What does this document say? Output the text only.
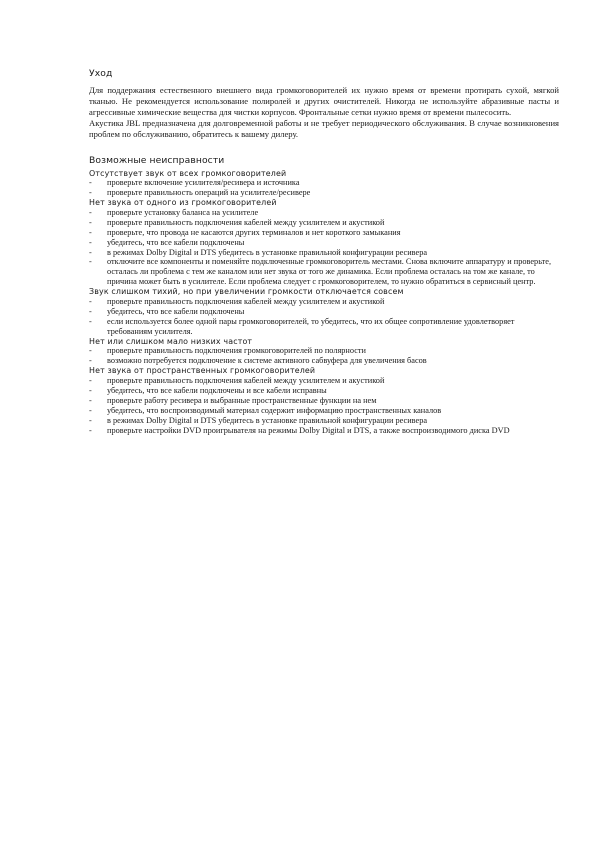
Уход

Для поддержания естественного внешнего вида громкоговорителей их нужно время от времени протирать сухой, мягкой тканью. Не рекомендуется использование полиролей и других очистителей. Никогда не используйте абразивные пасты и агрессивные химические вещества для чистки корпусов. Фронтальные сетки нужно время от времени пылесосить.

Акустика JBL предназначена для долговременной работы и не требует периодического обслуживания. В случае возникновения проблем по обслуживанию, обратитесь к вашему дилеру.

Возможные неисправности

Отсутствует звук от всех громкоговорителей

- проверьте включение усилителя/ресивера и источника
- проверьте правильность операций на усилителе/ресивере

Нет звука от одного из громкоговорителей

- проверьте установку баланса на усилителе
- проверьте правильность подключения кабелей между усилителем и акустикой
- проверьте, что провода не касаются других терминалов и нет короткого замыкания
- убедитесь, что все кабели подключены
- в режимах Dolby Digital и DTS убедитесь в установке правильной конфигурации ресивера
- отключите все компоненты и поменяйте подключенные громкоговоритель местами. Снова включите аппаратуру и проверьте, осталась ли проблема с тем же каналом или нет звука от того же динамика. Если проблема осталась на том же канале, то причина может быть в усилителе. Если проблема следует с громкоговорителем, то нужно обратиться в сервисный центр.

Звук слишком тихий, но при увеличении громкости отключается совсем

- проверьте правильность подключения кабелей между усилителем и акустикой
- убедитесь, что все кабели подключены
- если используется более одной пары громкоговорителей, то убедитесь, что их общее сопротивление удовлетворяет требованиям усилителя.

Нет или слишком мало низких частот

- проверьте правильность подключения громкоговорителей по полярности
- возможно потребуется подключение к системе активного сабвуфера для увеличения басов

Нет звука от пространственных громкоговорителей

- проверьте правильность подключения кабелей между усилителем и акустикой
- убедитесь, что все кабели подключены и все кабели исправны
- проверьте работу ресивера и выбранные пространственные функции на нем
- убедитесь, что воспроизводимый материал содержит информацию пространственных каналов
- в режимах Dolby Digital и DTS убедитесь в установке правильной конфигурации ресивера
- проверьте настройки DVD проигрывателя на режимы Dolby Digital и DTS, а также воспроизводимого диска DVD
